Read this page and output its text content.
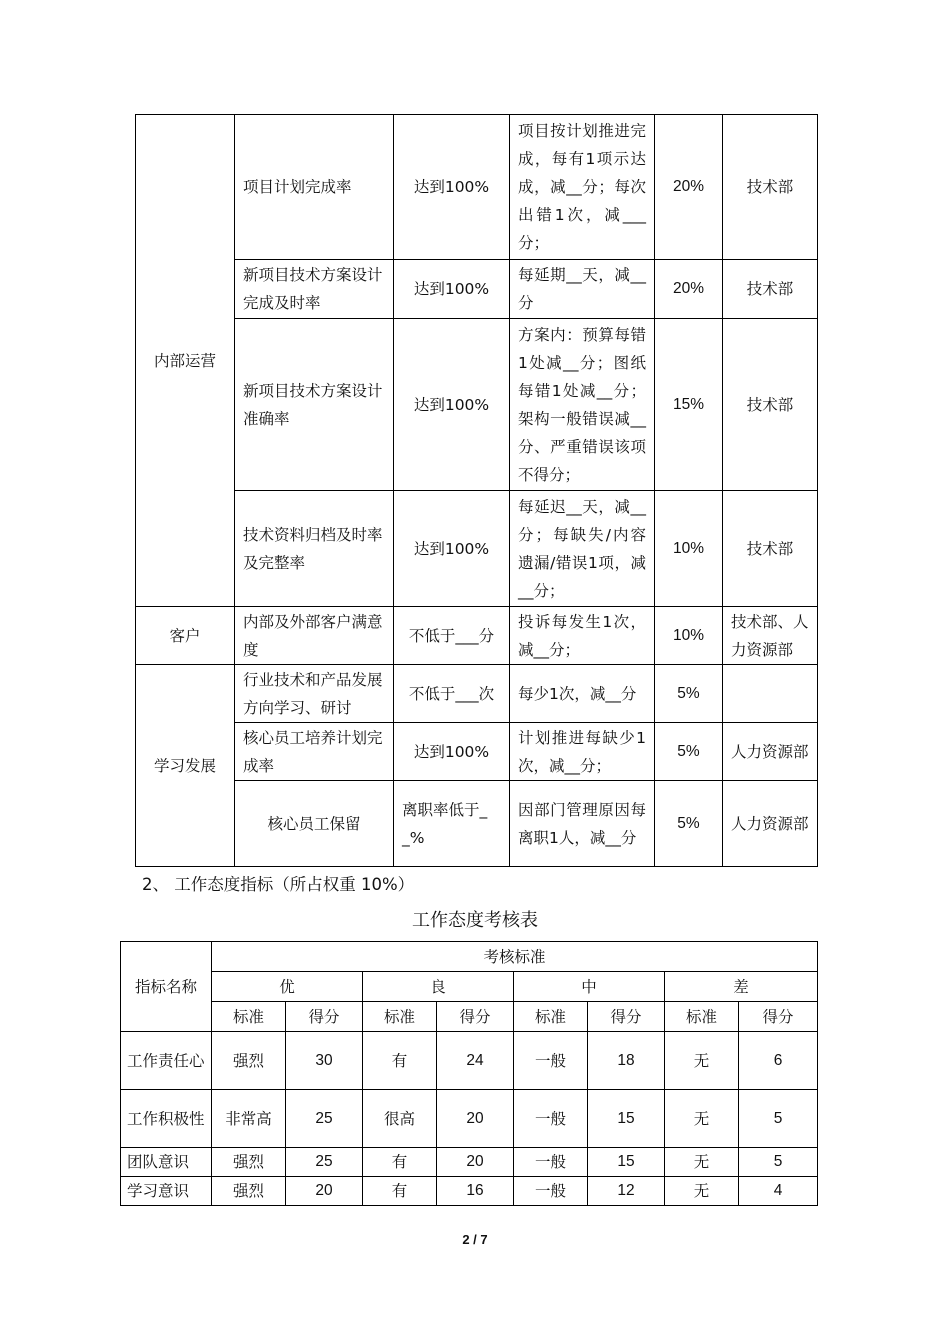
内部运营	项目计划完成率	达到100%	项目按计划推进完成，每有1项示达成，减__分；每次出错1次，减___分；	20%	技术部
	新项目技术方案设计完成及时率	达到100%	每延期__天，减__分	20%	技术部
	新项目技术方案设计准确率	达到100%	方案内：预算每错1处减__分；图纸每错1处减__分；架构一般错误减__分、严重错误该项不得分；	15%	技术部
	技术资料归档及时率及完整率	达到100%	每延迟__天，减__分；每缺失/内容遗漏/错误1项，减__分；	10%	技术部
客户	内部及外部客户满意度	不低于___分	投诉每发生1次，减__分；	10%	技术部、人力资源部
学习发展	行业技术和产品发展方向学习、研讨	不低于___次	每少1次，减__分	5%	
	核心员工培养计划完成率	达到100%	计划推进每缺少1次，减__分；	5%	人力资源部
	核心员工保留	离职率低于__%	因部门管理原因每离职1人，减__分	5%	人力资源部

2、 工作态度指标（所占权重 10%）

工作态度考核表
指标名称	考核标准							
	优		良		中		差	
	标准	得分	标准	得分	标准	得分	标准	得分
工作责任心	强烈	30	有	24	一般	18	无	6
工作积极性	非常高	25	很高	20	一般	15	无	5
团队意识	强烈	25	有	20	一般	15	无	5
学习意识	强烈	20	有	16	一般	12	无	4
2 / 7
